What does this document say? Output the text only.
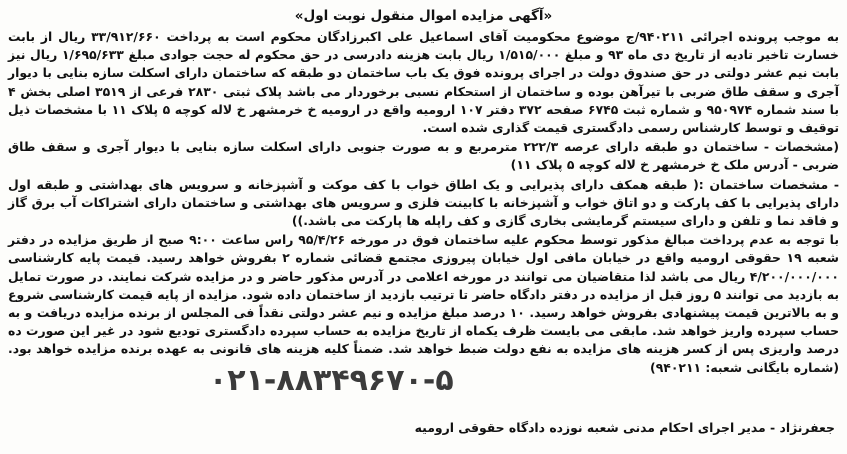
«آگهی مزایده اموال منقول نوبت اول»

به موجب پرونده اجرائی ۹۴۰۲۱۱/ج موضوع محکومیت آقای اسماعیل علی اکبرزادگان محکوم است به پرداخت ۳۳/۹۱۲/۶۶۰ ریال از بابت خسارت تاخیر تادیه از تاریخ دی ماه ۹۳ و مبلغ ۱/۵۱۵/۰۰۰ ریال بابت هزینه دادرسی در حق محکوم له حجت جوادی مبلغ ۱/۶۹۵/۶۳۳ ریال نیز بابت نیم عشر دولتی در حق صندوق دولت در اجرای پرونده فوق یک باب ساختمان دو طبقه که ساختمان دارای اسکلت سازه بنایی با دیوار آجری و سقف طاق ضربی با تیرآهن بوده و ساختمان از استحکام نسبی برخوردار می باشد پلاک ثبتی ۲۸۳۰ فرعی از ۳۵۱۹ اصلی بخش ۴ با سند شماره ۹۵۰۹۷۴ و شماره ثبت ۶۷۴۵ صفحه ۳۷۲ دفتر ۱۰۷ ارومیه واقع در ارومیه خ خرمشهر خ لاله کوچه ۵ پلاک ۱۱ با مشخصات ذیل توقیف و توسط کارشناس رسمی دادگستری قیمت گذاری شده است.

(مشخصات - ساختمان دو طبقه دارای عرصه ۲۲۲/۳ مترمربع و به صورت جنوبی دارای اسکلت سازه بنایی با دیوار آجری و سقف طاق ضربی - آدرس ملک خ خرمشهر خ لاله کوچه ۵ پلاک ۱۱)

- مشخصات ساختمان :( طبقه همکف دارای پذیرایی و یک اطاق خواب با کف موکت و آشپزخانه و سرویس های بهداشتی و طبقه اول دارای پذیرایی با کف پارکت و دو اتاق خواب و آشپزخانه با کابینت فلزی و سرویس های بهداشتی و ساختمان دارای اشتراکات آب برق گاز و فاقد نما و تلفن و دارای سیستم گرمایشی بخاری گازی و کف راپله ها پارکت می باشد.))

با توجه به عدم پرداخت مبالغ مذکور توسط محکوم علیه ساختمان فوق در مورخه ۹۵/۴/۲۶ راس ساعت ۹:۰۰ صبح از طریق مزایده در دفتر شعبه ۱۹ حقوقی ارومیه واقع در خیابان مافی اول خیابان پیروزی مجتمع قضائی شماره ۲ بفروش خواهد رسید. قیمت پایه کارشناسی ۴/۲۰۰/۰۰۰/۰۰۰ ریال می باشد لذا متقاضیان می توانند در مورخه اعلامی در آدرس مذکور حاضر و در مزایده شرکت نمایند. در صورت تمایل به بازدید می توانند ۵ روز قبل از مزایده در دفتر دادگاه حاضر تا ترتیب بازدید از ساختمان داده شود. مزایده از پایه قیمت کارشناسی شروع و به بالاترین قیمت پیشنهادی بفروش خواهد رسید. ۱۰ درصد مبلغ مزایده و نیم عشر دولتی نقداً فی المجلس از برنده مزایده دریافت و به حساب سپرده واریز خواهد شد. مابقی می بایست ظرف یکماه از تاریخ مزایده به حساب سپرده دادگستری تودیع شود در غیر این صورت ده درصد واریزی پس از کسر هزینه های مزایده به نفع دولت ضبط خواهد شد. ضمناً کلیه هزینه های قانونی به عهده برنده مزایده خواهد بود.(شماره بایگانی شعبه: ۹۴۰۲۱۱)

۰۲۱-۸۸۳۴۹۶۷۰-۵
جعفرنژاد - مدیر اجرای احکام مدنی شعبه نوزده دادگاه حقوقی ارومیه
